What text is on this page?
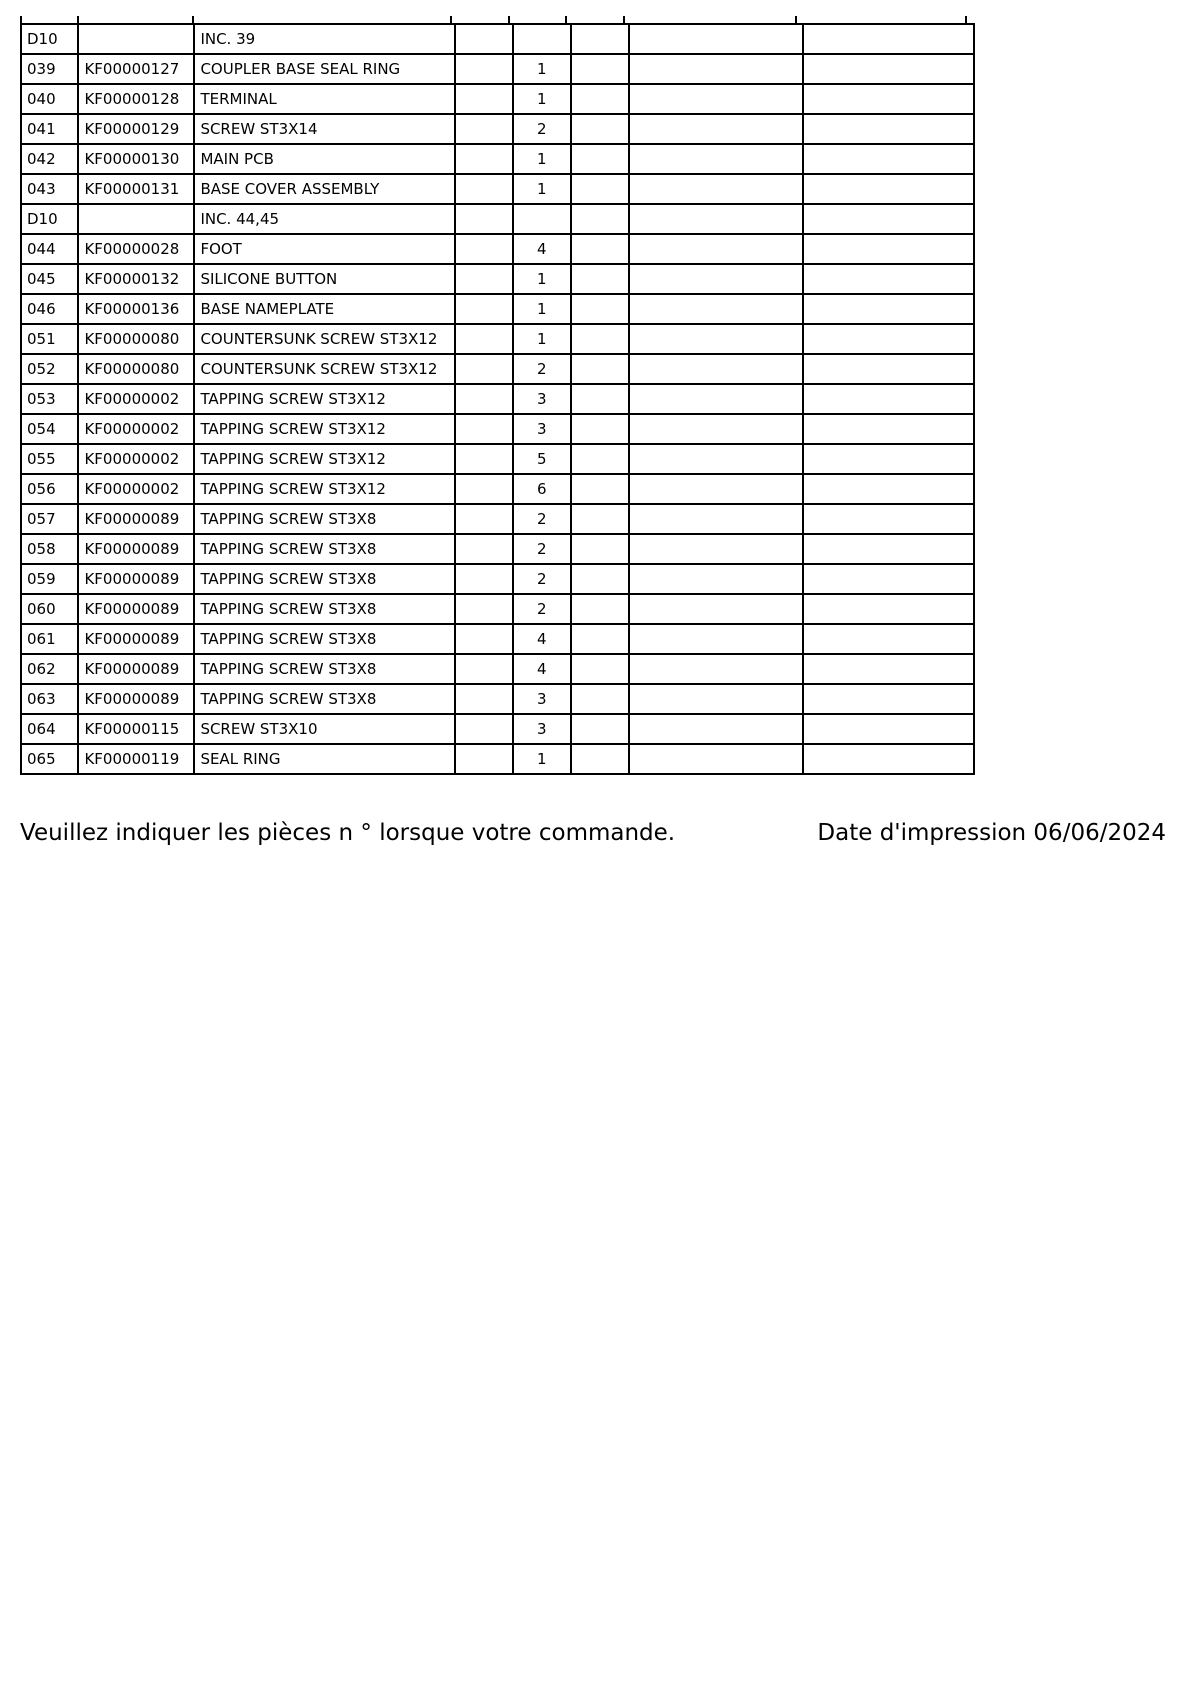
D10		INC. 39					
039	KF00000127	COUPLER BASE SEAL RING		1			
040	KF00000128	TERMINAL		1			
041	KF00000129	SCREW ST3X14		2			
042	KF00000130	MAIN PCB		1			
043	KF00000131	BASE COVER ASSEMBLY		1			
D10		INC. 44,45					
044	KF00000028	FOOT		4			
045	KF00000132	SILICONE BUTTON		1			
046	KF00000136	BASE NAMEPLATE		1			
051	KF00000080	COUNTERSUNK SCREW ST3X12		1			
052	KF00000080	COUNTERSUNK SCREW ST3X12		2			
053	KF00000002	TAPPING SCREW ST3X12		3			
054	KF00000002	TAPPING SCREW ST3X12		3			
055	KF00000002	TAPPING SCREW ST3X12		5			
056	KF00000002	TAPPING SCREW ST3X12		6			
057	KF00000089	TAPPING SCREW ST3X8		2			
058	KF00000089	TAPPING SCREW ST3X8		2			
059	KF00000089	TAPPING SCREW ST3X8		2			
060	KF00000089	TAPPING SCREW ST3X8		2			
061	KF00000089	TAPPING SCREW ST3X8		4			
062	KF00000089	TAPPING SCREW ST3X8		4			
063	KF00000089	TAPPING SCREW ST3X8		3			
064	KF00000115	SCREW ST3X10		3			
065	KF00000119	SEAL RING		1			
Veuillez indiquer les pièces n ° lorsque votre commande.	Date d'impression 06/06/2024
